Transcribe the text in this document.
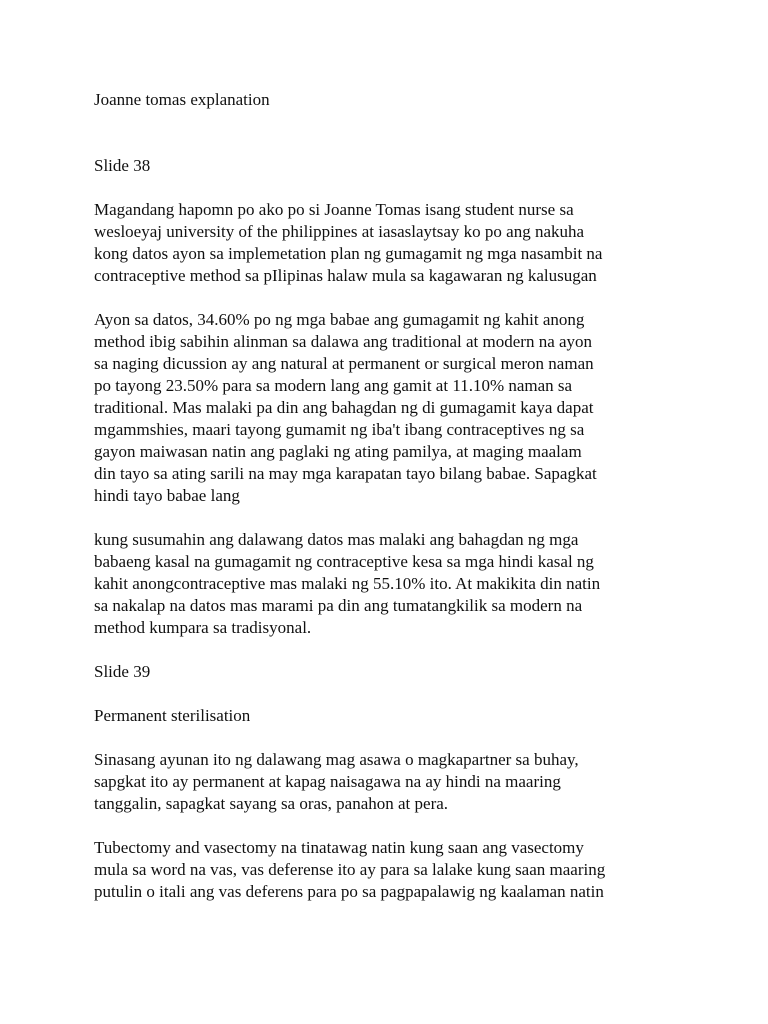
Joanne tomas explanation

Slide 38

Magandang hapomn po ako po si Joanne Tomas isang student nurse sa

wesloeyaj university of the philippines at iasaslaytsay ko po ang nakuha

kong datos ayon sa implemetation plan ng gumagamit ng mga nasambit na

contraceptive method sa pIlipinas halaw mula sa kagawaran ng kalusugan

Ayon sa datos, 34.60% po ng mga babae ang gumagamit ng kahit anong

method ibig sabihin alinman sa dalawa ang traditional at modern na ayon

sa naging dicussion ay ang natural at permanent or surgical meron naman

po tayong 23.50% para sa modern lang ang gamit at 11.10% naman sa

traditional. Mas malaki pa din ang bahagdan ng di gumagamit kaya dapat

mgammshies, maari tayong gumamit ng iba't ibang contraceptives ng sa

gayon maiwasan natin ang paglaki ng ating pamilya, at maging maalam

din tayo sa ating sarili na may mga karapatan tayo bilang babae. Sapagkat

hindi tayo babae lang

kung susumahin ang dalawang datos mas malaki ang bahagdan ng mga

babaeng kasal na gumagamit ng contraceptive kesa sa mga hindi kasal ng

kahit anongcontraceptive mas malaki ng 55.10% ito. At makikita din natin

sa nakalap na datos mas marami pa din ang tumatangkilik sa modern na

method kumpara sa tradisyonal.

Slide 39

Permanent sterilisation

Sinasang ayunan ito ng dalawang mag asawa o magkapartner sa buhay,

sapgkat ito ay permanent at kapag naisagawa na ay hindi na maaring

tanggalin, sapagkat sayang sa oras, panahon at pera.

Tubectomy and vasectomy na tinatawag natin kung saan ang vasectomy

mula sa word na vas, vas deferense ito ay para sa lalake kung saan maaring

putulin o itali ang vas deferens para po sa pagpapalawig ng kaalaman natin
